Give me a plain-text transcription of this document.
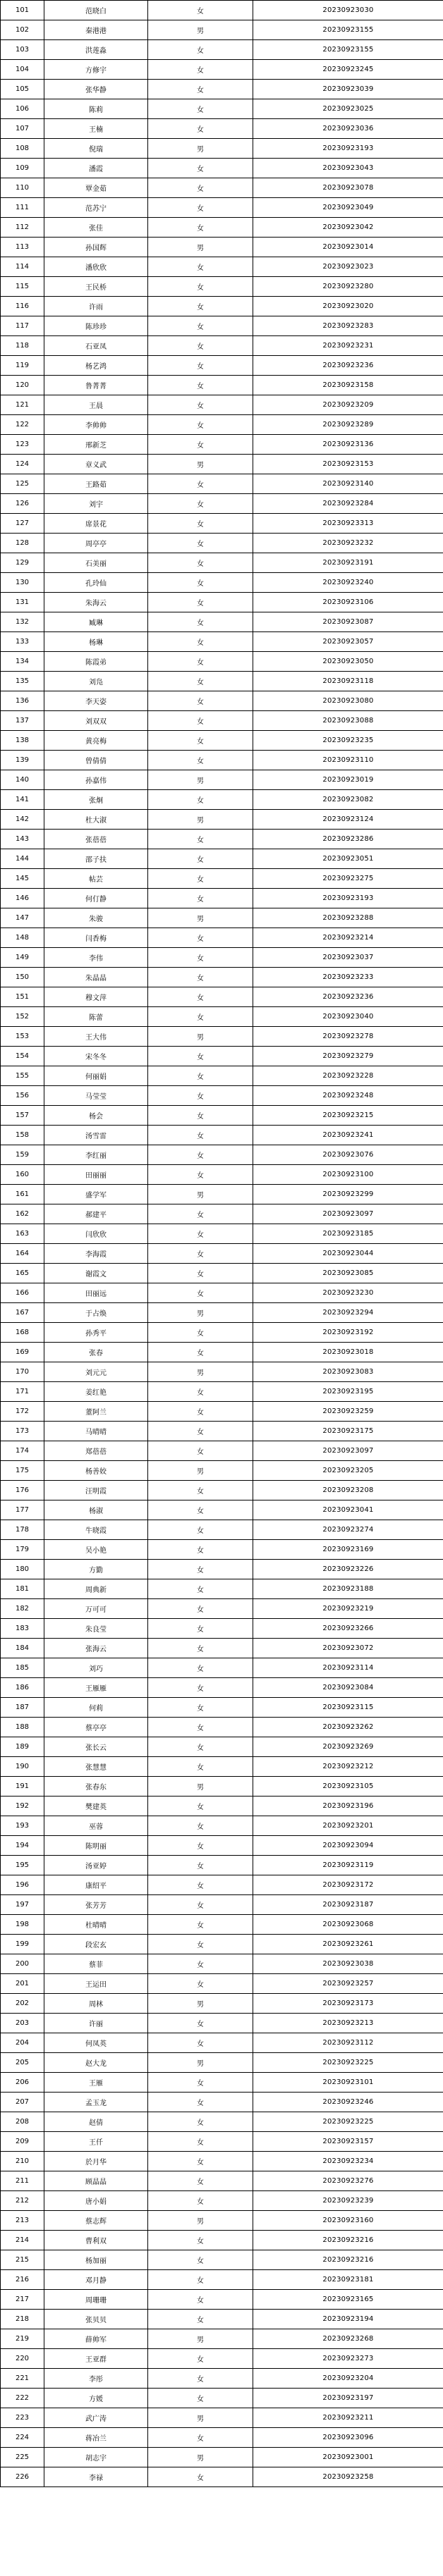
101	范晓白	女	20230923030
102	秦港港	男	20230923155
103	洪莲淼	女	20230923155
104	方修宇	女	20230923245
105	张华静	女	20230923039
106	陈莉	女	20230923025
107	王楠	女	20230923036
108	倪瑞	男	20230923193
109	潘霞	女	20230923043
110	覃金茹	女	20230923078
111	范苏宁	女	20230923049
112	张佳	女	20230923042
113	孙国辉	男	20230923014
114	潘欣欣	女	20230923023
115	王民桥	女	20230923280
116	许雨	女	20230923020
117	陈珍珍	女	20230923283
118	石亚凤	女	20230923231
119	杨艺鸿	女	20230923236
120	鲁菁菁	女	20230923158
121	王晨	女	20230923209
122	李帅帅	女	20230923289
123	邢新芝	女	20230923136
124	章义武	男	20230923153
125	王路茹	女	20230923140
126	刘宇	女	20230923284
127	席景花	女	20230923313
128	周亭亭	女	20230923232
129	石美丽	女	20230923191
130	孔玲仙	女	20230923240
131	朱海云	女	20230923106
132	臧琳	女	20230923087
133	杨琳	女	20230923057
134	陈霞弟	女	20230923050
135	刘凫	女	20230923118
136	李天姿	女	20230923080
137	刘双双	女	20230923088
138	黄亮梅	女	20230923235
139	曾倩倩	女	20230923110
140	孙嘉伟	男	20230923019
141	张炯	女	20230923082
142	杜大淑	男	20230923124
143	张蓓蓓	女	20230923286
144	邵子扶	女	20230923051
145	帖芸	女	20230923275
146	何仃静	女	20230923193
147	朱骏	男	20230923288
148	闫香梅	女	20230923214
149	李伟	女	20230923037
150	朱晶晶	女	20230923233
151	穆文萍	女	20230923236
152	陈蕾	女	20230923040
153	王大伟	男	20230923278
154	宋冬冬	女	20230923279
155	何丽娟	女	20230923228
156	马莹莹	女	20230923248
157	杨会	女	20230923215
158	汤雪雷	女	20230923241
159	李红丽	女	20230923076
160	田丽丽	女	20230923100
161	盛学军	男	20230923299
162	郝建平	女	20230923097
163	闫欣欣	女	20230923185
164	李海霞	女	20230923044
165	谢霞文	女	20230923085
166	田丽远	女	20230923230
167	于占焕	男	20230923294
168	孙秀平	女	20230923192
169	张春	女	20230923018
170	刘元元	男	20230923083
171	姜红艳	女	20230923195
172	董阿兰	女	20230923259
173	马晴晴	女	20230923175
174	郑蓓蓓	女	20230923097
175	杨善姣	男	20230923205
176	汪明霞	女	20230923208
177	杨淑	女	20230923041
178	牛晓霞	女	20230923274
179	吴小艳	女	20230923169
180	方勤	女	20230923226
181	周典新	女	20230923188
182	万可可	女	20230923219
183	朱良莹	女	20230923266
184	张海云	女	20230923072
185	刘巧	女	20230923114
186	王雁雁	女	20230923084
187	何莉	女	20230923115
188	蔡亭亭	女	20230923262
189	张长云	女	20230923269
190	张慧慧	女	20230923212
191	张春东	男	20230923105
192	樊建英	女	20230923196
193	巫蓉	女	20230923201
194	陈明丽	女	20230923094
195	汤亚婷	女	20230923119
196	康绍平	女	20230923172
197	张芳芳	女	20230923187
198	杜晴晴	女	20230923068
199	段宏玄	女	20230923261
200	蔡菲	女	20230923038
201	王运田	女	20230923257
202	周林	男	20230923173
203	许丽	女	20230923213
204	何凤英	女	20230923112
205	赵大龙	男	20230923225
206	王雁	女	20230923101
207	孟玉龙	女	20230923246
208	赵倩	女	20230923225
209	王仟	女	20230923157
210	於月华	女	20230923234
211	顾晶晶	女	20230923276
212	唐小娟	女	20230923239
213	蔡志辉	男	20230923160
214	曹利双	女	20230923216
215	杨加丽	女	20230923216
216	邓月静	女	20230923181
217	周珊珊	女	20230923165
218	张贝贝	女	20230923194
219	薛帅军	男	20230923268
220	王亚群	女	20230923273
221	李彤	女	20230923204
222	方媛	女	20230923197
223	武广涛	男	20230923211
224	蒋冶兰	女	20230923096
225	胡志宇	男	20230923001
226	李禄	女	20230923258
